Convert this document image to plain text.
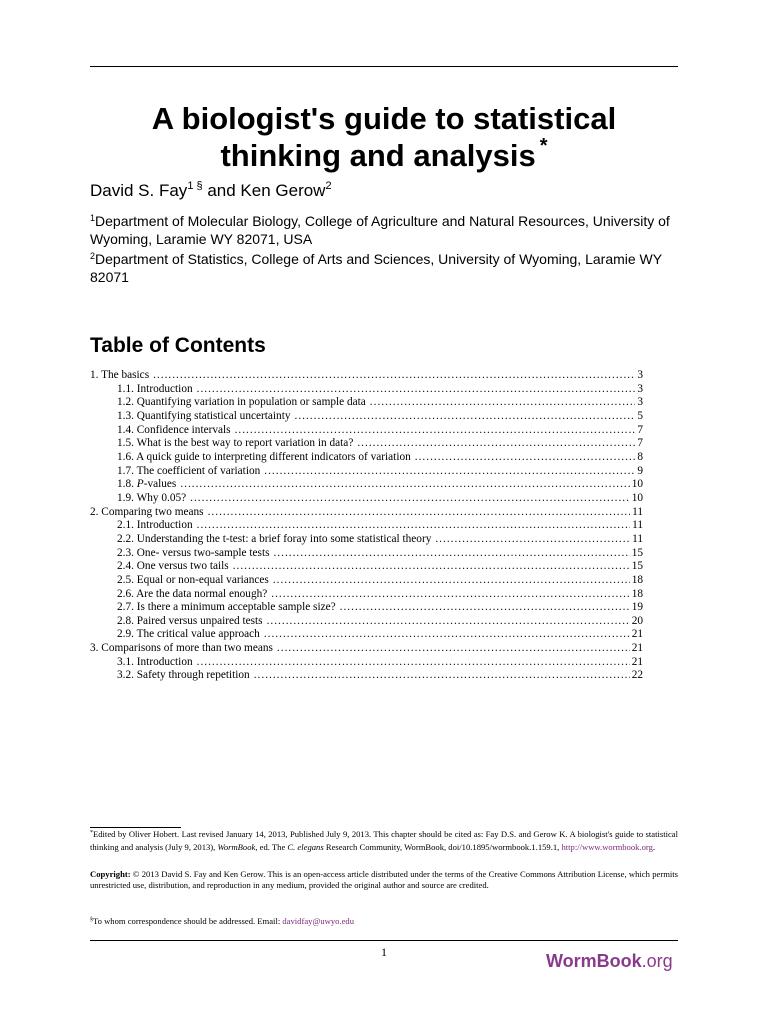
A biologist's guide to statistical
thinking and analysis *
David S. Fay$^{1 \S}$ and Ken Gerow$^2$
$^1$Department of Molecular Biology, College of Agriculture and Natural Resources, University of Wyoming, Laramie WY 82071, USA
$^2$Department of Statistics, College of Arts and Sciences, University of Wyoming, Laramie WY 82071
Table of Contents
1. The basics .....	3
1.1. Introduction .....	3
1.2. Quantifying variation in population or sample data .....	3
1.3. Quantifying statistical uncertainty .....	5
1.4. Confidence intervals .....	7
1.5. What is the best way to report variation in data? .....	7
1.6. A quick guide to interpreting different indicators of variation .....	8
1.7. The coefficient of variation .....	9
1.8. P-values .....	10
1.9. Why 0.05? .....	10
2. Comparing two means .....	11
2.1. Introduction .....	11
2.2. Understanding the t-test: a brief foray into some statistical theory .....	11
2.3. One- versus two-sample tests .....	15
2.4. One versus two tails .....	15
2.5. Equal or non-equal variances .....	18
2.6. Are the data normal enough? .....	18
2.7. Is there a minimum acceptable sample size? .....	19
2.8. Paired versus unpaired tests .....	20
2.9. The critical value approach .....	21
3. Comparisons of more than two means .....	21
3.1. Introduction .....	21
3.2. Safety through repetition .....	22
*Edited by Oliver Hobert. Last revised January 14, 2013, Published July 9, 2013. This chapter should be cited as: Fay D.S. and Gerow K. A biologist's guide to statistical thinking and analysis (July 9, 2013), WormBook, ed. The C. elegans Research Community, WormBook, doi/10.1895/wormbook.1.159.1, http://www.wormbook.org.
Copyright: © 2013 David S. Fay and Ken Gerow. This is an open-access article distributed under the terms of the Creative Commons Attribution License, which permits unrestricted use, distribution, and reproduction in any medium, provided the original author and source are credited.
§To whom correspondence should be addressed. Email: davidfay@uwyo.edu
1	WormBook.org
